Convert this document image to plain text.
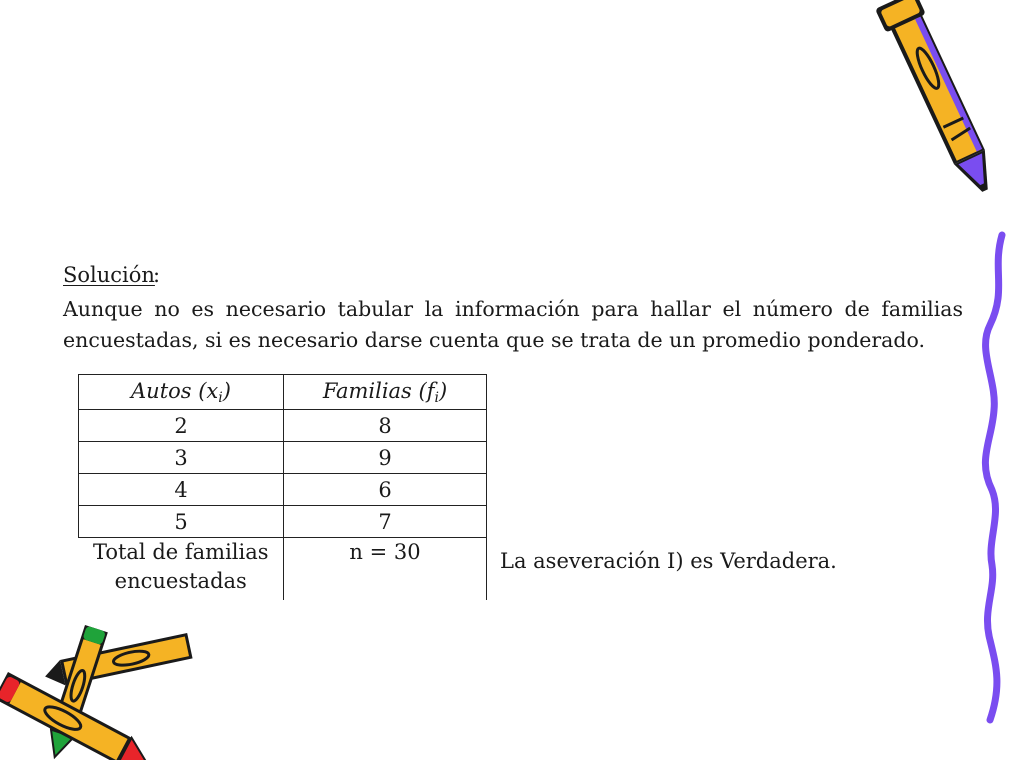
Solución
:

Aunque no es necesario tabular la información para hallar el número de familias encuestadas, si es necesario darse cuenta que se trata de un promedio ponderado.

Autos $(x_i)$	Familias $(f_i)$
2	8
3	9
4	6
5	7

Total de familias
encuestadas	n = 30	La aseveración I) es Verdadera.
